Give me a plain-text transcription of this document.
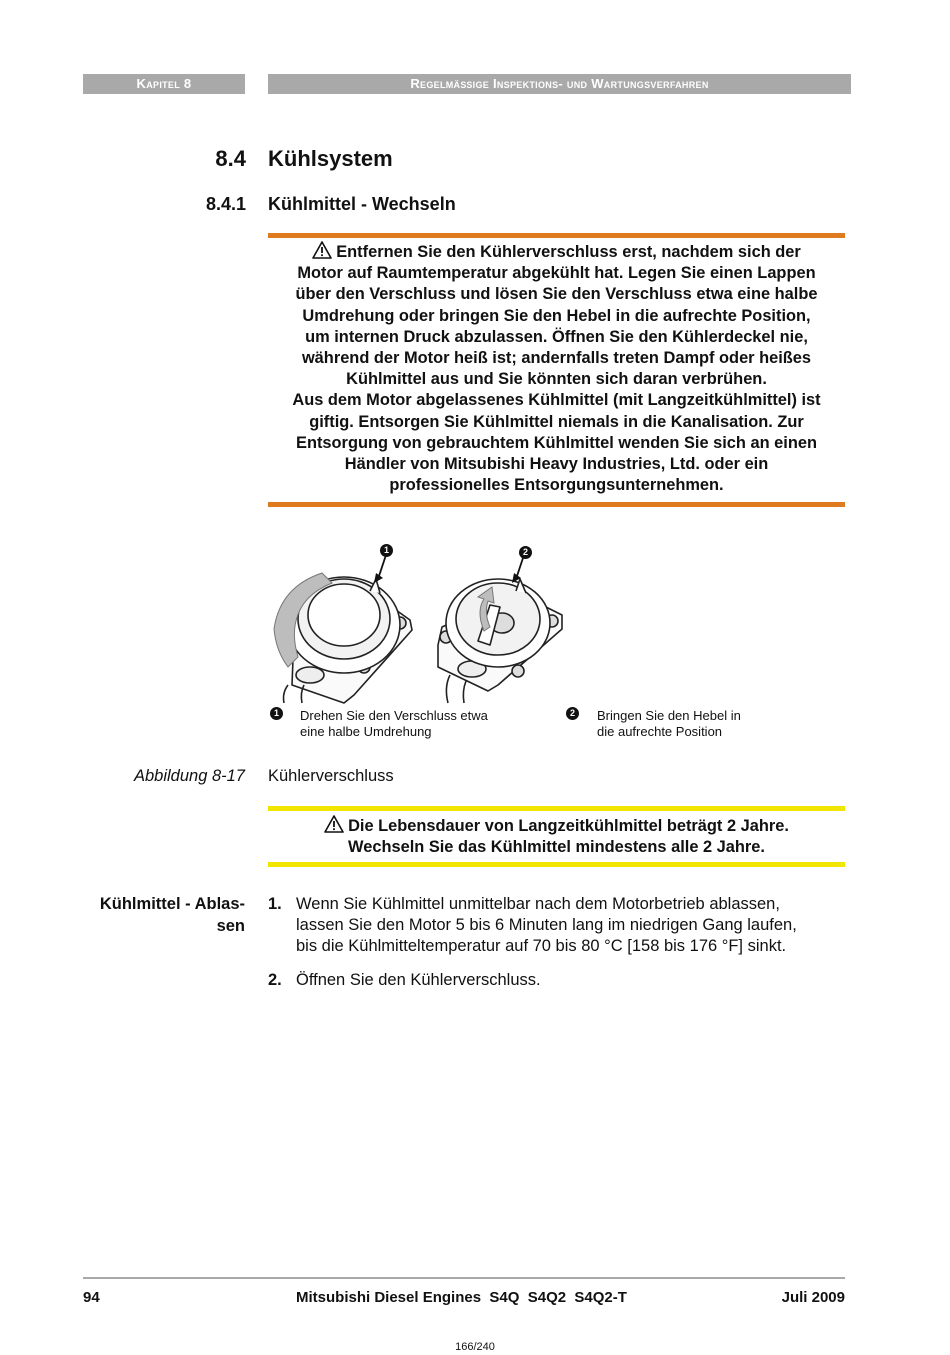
Kapitel 8	Regelmäßige Inspektions- und Wartungsverfahren
8.4 Kühlsystem
8.4.1 Kühlmittel - Wechseln
Entfernen Sie den Kühlerverschluss erst, nachdem sich der
Motor auf Raumtemperatur abgekühlt hat. Legen Sie einen Lappen
über den Verschluss und lösen Sie den Verschluss etwa eine halbe
Umdrehung oder bringen Sie den Hebel in die aufrechte Position,
um internen Druck abzulassen. Öffnen Sie den Kühlerdeckel nie,
während der Motor heiß ist; andernfalls treten Dampf oder heißes
Kühlmittel aus und Sie könnten sich daran verbrühen.
Aus dem Motor abgelassenes Kühlmittel (mit Langzeitkühlmittel) ist
giftig. Entsorgen Sie Kühlmittel niemals in die Kanalisation. Zur
Entsorgung von gebrauchtem Kühlmittel wenden Sie sich an einen
Händler von Mitsubishi Heavy Industries, Ltd. oder ein
professionelles Entsorgungsunternehmen.
1	2
1	Drehen Sie den Verschluss etwa
eine halbe Umdrehung
2	Bringen Sie den Hebel in
die aufrechte Position
Abbildung 8-17 Kühlerverschluss
Die Lebensdauer von Langzeitkühlmittel beträgt 2 Jahre.
Wechseln Sie das Kühlmittel mindestens alle 2 Jahre.
Kühlmittel - Ablas-
sen
1. Wenn Sie Kühlmittel unmittelbar nach dem Motorbetrieb ablassen,
lassen Sie den Motor 5 bis 6 Minuten lang im niedrigen Gang laufen,
bis die Kühlmitteltemperatur auf 70 bis 80 °C [158 bis 176 °F] sinkt.
2. Öffnen Sie den Kühlerverschluss.
94	Mitsubishi Diesel Engines  S4Q  S4Q2  S4Q2-T	Juli 2009
166/240
